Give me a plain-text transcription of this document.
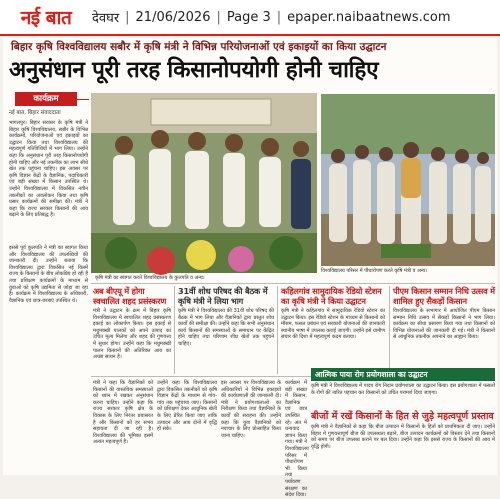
नई बात देवघर | 21/06/2026 | Page 3 | epaper.naibaatnews.com
बिहार कृषि विश्वविद्यालय सबौर में कृषि मंत्री ने विभिन्न परियोजनाओं एवं इकाइयों का किया उद्घाटन
अनुसंधान पूरी तरह किसानोपयोगी होनी चाहिए
कार्यक्रम
नई बात, बिहार संवाददाता
भागलपुर। बिहार सरकार के कृषि मंत्री ने बिहार कृषि विश्वविद्यालय, सबौर के विभिन्न कार्यक्रमों, परियोजनाओं एवं इकाइयों का उद्घाटन किया तथा विश्वविद्यालय की महत्वपूर्ण गतिविधियों में भाग लिया। उन्होंने कहा कि अनुसंधान पूरी तरह किसानोपयोगी होनी चाहिए और नई तकनीक का लाभ सीधे खेत तक पहुंचना चाहिए। इस अवसर पर कृषि विज्ञान केंद्रों के वैज्ञानिक, पदाधिकारी एवं बड़ी संख्या में किसान उपस्थित थे। उन्होंने विश्वविद्यालय में विकसित नवीन तकनीकों का अवलोकन किया तथा कृषि प्रसार कार्यक्रमों की समीक्षा की। मंत्री ने कहा कि राज्य सरकार किसानों की आय बढ़ाने के लिए प्रतिबद्ध है।
इससे पूर्व कुलपति ने मंत्री का स्वागत किया और विश्वविद्यालय की उपलब्धियों की जानकारी दी। उन्होंने बताया कि विश्वविद्यालय द्वारा विकसित नई किस्में राज्य के किसानों के बीच लोकप्रिय हो रही हैं तथा प्रशिक्षण कार्यक्रमों के माध्यम से युवाओं को कृषि उद्यमिता से जोड़ा जा रहा है। कार्यक्रम में विश्वविद्यालय के अधिकारी, वैज्ञानिक एवं छात्र-छात्राएं उपस्थित थे।
कृषि मंत्री का स्वागत करते विश्वविद्यालय के कुलपति व अन्य।
विश्वविद्यालय परिसर में पौधारोपण करते कृषि मंत्री व अन्य।
अब बीएयू में होगा स्वचालित शहद प्रसंस्करण
मंत्री ने उद्घाटन के क्रम में बिहार कृषि विश्वविद्यालय में स्वचालित शहद प्रसंस्करण इकाई का लोकार्पण किया। इस इकाई से मधुमक्खी पालकों को अपने उत्पाद का उचित मूल्य मिलेगा और शहद की गुणवत्ता में सुधार होगा। उन्होंने कहा कि मधुमक्खी पालन किसानों की अतिरिक्त आय का अच्छा साधन है।
31वीं शोध परिषद की बैठक में कृषि मंत्री ने लिया भाग
कृषि मंत्री ने विश्वविद्यालय की 31वीं शोध परिषद की बैठक में भाग लिया और वैज्ञानिकों द्वारा प्रस्तुत शोध कार्यों की समीक्षा की। उन्होंने कहा कि सभी अनुसंधान कार्य किसानों की समस्याओं के समाधान पर केंद्रित होने चाहिए तथा परिणाम शीघ्र खेतों तक पहुंचने चाहिए।
कहिलगांव सामुदायिक रेडियो स्टेशन का कृषि मंत्री ने किया उद्घाटन
कृषि मंत्री ने कहिलगांव में सामुदायिक रेडियो स्टेशन का उद्घाटन किया। इस रेडियो स्टेशन के माध्यम से किसानों को मौसम, फसल प्रबंधन एवं सरकारी योजनाओं की जानकारी स्थानीय भाषा में उपलब्ध कराई जाएगी। उन्होंने इसे ग्रामीण संचार की दिशा में महत्वपूर्ण कदम बताया।
पीएम किसान सम्मान निधि उत्सव में शामिल हुए सैकड़ों किसान
विश्वविद्यालय के सभागार में आयोजित पीएम किसान सम्मान निधि उत्सव में सैकड़ों किसानों ने भाग लिया। कार्यक्रम का सीधा प्रसारण किया गया तथा किसानों को विभिन्न योजनाओं की जानकारी दी गई। मंत्री ने किसानों से आधुनिक तकनीक अपनाने का आह्वान किया।
मंत्री ने कहा कि वैज्ञानिकों को किसानों की वास्तविक समस्याओं को ध्यान में रखकर अनुसंधान करना चाहिए। उन्होंने कहा कि राज्य सरकार कृषि क्षेत्र के विकास के लिए निरंतर प्रयासरत है और किसानों को हर संभव सहायता दी जा रही है। विश्वविद्यालय की भूमिका इसमें अत्यंत महत्वपूर्ण है।
उन्होंने कहा कि विश्वविद्यालय द्वारा विकसित तकनीकों को कृषि विज्ञान केंद्रों के माध्यम से गांव-गांव तक पहुंचाया जाए। किसानों को प्रशिक्षण देकर आधुनिक खेती के लिए प्रेरित किया जाए ताकि उत्पादन और आय दोनों में वृद्धि हो सके।
इस अवसर पर विश्वविद्यालय के अधिकारियों ने विभिन्न इकाइयों की कार्यप्रणाली की जानकारी दी। मंत्री ने प्रयोगशालाओं का निरीक्षण किया तथा वैज्ञानिकों के कार्यों की सराहना की। उन्होंने कहा कि युवा वैज्ञानिकों को नवाचार के लिए प्रोत्साहित किया जाना चाहिए।
कार्यक्रम में बड़ी संख्या में किसान, वैज्ञानिक एवं छात्र उपस्थित रहे। अंत में धन्यवाद ज्ञापन किया गया। मंत्री ने विश्वविद्यालय परिसर में पौधारोपण भी किया तथा पर्यावरण संरक्षण का संदेश दिया।
आत्मिक पाया रोग प्रयोगशाला का उद्घाटन
कृषि मंत्री ने विश्वविद्यालय में पादप रोग निदान प्रयोगशाला का उद्घाटन किया। इस प्रयोगशाला में फसलों के रोगों की त्वरित पहचान कर किसानों को उचित परामर्श दिया जाएगा।
बीजों में रखें किसानों के हित से जुड़े महत्वपूर्ण प्रस्ताव
कृषि मंत्री ने वैज्ञानिकों से कहा कि बीज उत्पादन में किसानों के हितों को प्राथमिकता दी जाए। उन्होंने बिहार में गुणवत्तापूर्ण बीज की उपलब्धता बढ़ाने, बीज उत्पादन कार्यक्रमों को विस्तार देने तथा किसानों को समय पर बीज उपलब्ध कराने पर बल दिया। उन्होंने कहा कि इससे राज्य के किसानों की आय में वृद्धि होगी।
